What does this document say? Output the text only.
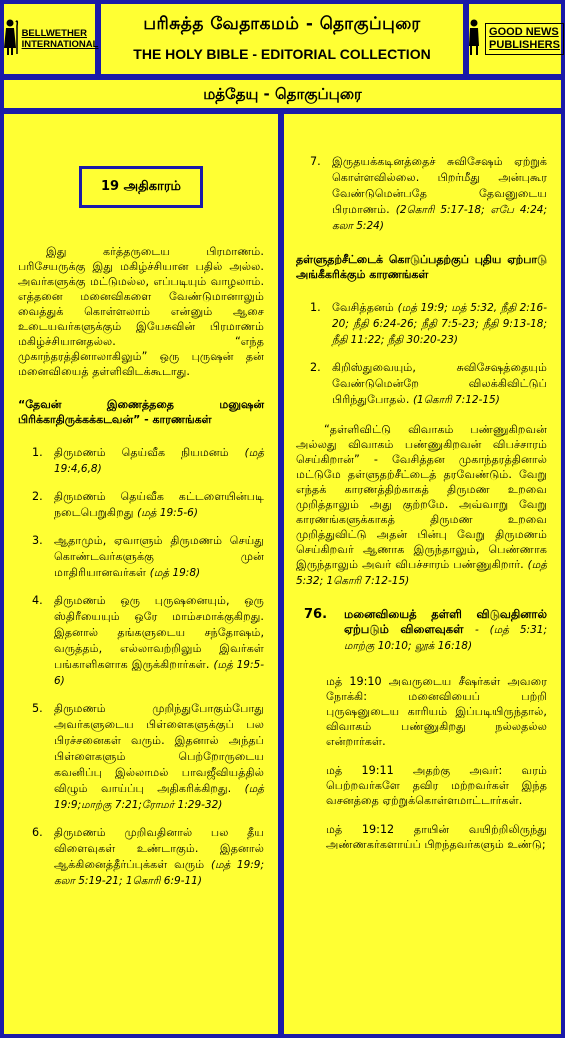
BELLWETHER
INTERNATIONAL
பரிசுத்த வேதாகமம் - தொகுப்புரை
THE HOLY BIBLE - EDITORIAL COLLECTION
GOOD NEWS
PUBLISHERS
மத்தேயு - தொகுப்புரை
19 அதிகாரம்

இது கர்த்தருடைய பிரமாணம். பரிசேயருக்கு இது மகிழ்ச்சியான பதில் அல்ல. அவர்களுக்கு மட்டுமல்ல, எப்படியும் வாழலாம். எத்தனை மனைவிகளை வேண்டுமானாலும் வைத்துக் கொள்ளலாம் என்னும் ஆசை உடையவர்களுக்கும் இயேசுவின் பிரமாணம் மகிழ்ச்சியானதல்ல. “எந்த முகாந்தரத்தினாலாகிலும்” ஒரு புருஷன் தன் மனைவியைத் தள்ளிவிடக்கூடாது.

“தேவன் இணைத்ததை மனுஷன் பிரிக்காதிருக்கக்கடவன்” - காரணங்கள்

1. திருமணம் தெய்வீக நியமனம் (மத் 19:4,6,8)
2. திருமணம் தெய்வீக கட்டளையின்படி நடைபெறுகிறது (மத் 19:5-6)
3. ஆதாமும், ஏவாளும் திருமணம் செய்து கொண்டவர்களுக்கு முன் மாதிரியானவர்கள் (மத் 19:8)
4. திருமணம் ஒரு புருஷனையும், ஒரு ஸ்திரீயையும் ஒரே மாம்சமாக்குகிறது. இதனால் தங்களுடைய சந்தோஷம், வருத்தம், எல்லாவற்றிலும் இவர்கள் பங்காளிகளாக இருக்கிறார்கள். (மத் 19:5-6)
5. திருமணம் முறிந்துபோகும்போது அவர்களுடைய பிள்ளைகளுக்குப் பல பிரச்சனைகள் வரும். இதனால் அந்தப் பிள்ளைகளும் பெற்றோருடைய கவனிப்பு இல்லாமல் பாவஜீவியத்தில் விழும் வாய்ப்பு அதிகரிக்கிறது. (மத் 19:9;மாற்கு 7:21;ரோமர் 1:29-32)
6. திருமணம் முறிவதினால் பல தீய விளைவுகள் உண்டாகும். இதனால் ஆக்கினைத்தீர்ப்புக்கள் வரும் (மத் 19:9; கலா 5:19-21; 1கொரி 6:9-11)
7. இருதயக்கடினத்தைச் சுவிசேஷம் ஏற்றுக் கொள்ளவில்லை. பிறர்மீது அன்புகூர வேண்டுமென்பதே தேவனுடைய பிரமாணம். (2கொரி 5:17-18; எபே 4:24; கலா 5:24)

தள்ளுதற்சீட்டைக் கொடுப்பதற்குப் புதிய ஏற்பாடு அங்கீகரிக்கும் காரணங்கள்

1. வேசித்தனம் (மத் 19:9; மத் 5:32, நீதி 2:16-20; நீதி 6:24-26; நீதி 7:5-23; நீதி 9:13-18; நீதி 11:22; நீதி 30:20-23)
2. கிறிஸ்துவையும், சுவிசேஷத்தையும் வேண்டுமென்றே விலக்கிவிட்டுப் பிரிந்துபோதல். (1கொரி 7:12-15)

“தள்ளிவிட்டு விவாகம் பண்ணுகிறவன் அல்லது விவாகம் பண்ணுகிறவன் விபச்சாரம் செய்கிறான்” - வேசித்தன முகாந்தரத்தினால் மட்டுமே தள்ளுதற்சீட்டைத் தரவேண்டும். வேறு எந்தக் காரணத்திற்காகத் திருமண உறவை முறித்தாலும் அது குற்றமே. அவ்வாறு வேறு காரணங்களுக்காகத் திருமண உறவை முறித்துவிட்டு அதன் பின்பு வேறு திருமணம் செய்கிறவர் ஆணாக இருந்தாலும், பெண்ணாக இருந்தாலும் அவர் விபச்சாரம் பண்ணுகிறார். (மத் 5:32; 1கொரி 7:12-15)

76.	மனைவியைத் தள்ளி விடுவதினால் ஏற்படும் விளைவுகள் - (மத் 5:31; மாற்கு 10:10; லூக் 16:18)

மத் 19:10 அவருடைய சீஷர்கள் அவரை நோக்கி: மனைவியைப் பற்றி புருஷனுடைய காரியம் இப்படியிருந்தால், விவாகம் பண்ணுகிறது நல்லதல்ல என்றார்கள்.

மத் 19:11 அதற்கு அவர்: வரம் பெற்றவர்களே தவிர மற்றவர்கள் இந்த வசனத்தை ஏற்றுக்கொள்ளமாட்டார்கள்.

மத் 19:12 தாயின் வயிற்றிலிருந்து அண்ணகர்களாய்ப் பிறந்தவர்களும் உண்டு;
